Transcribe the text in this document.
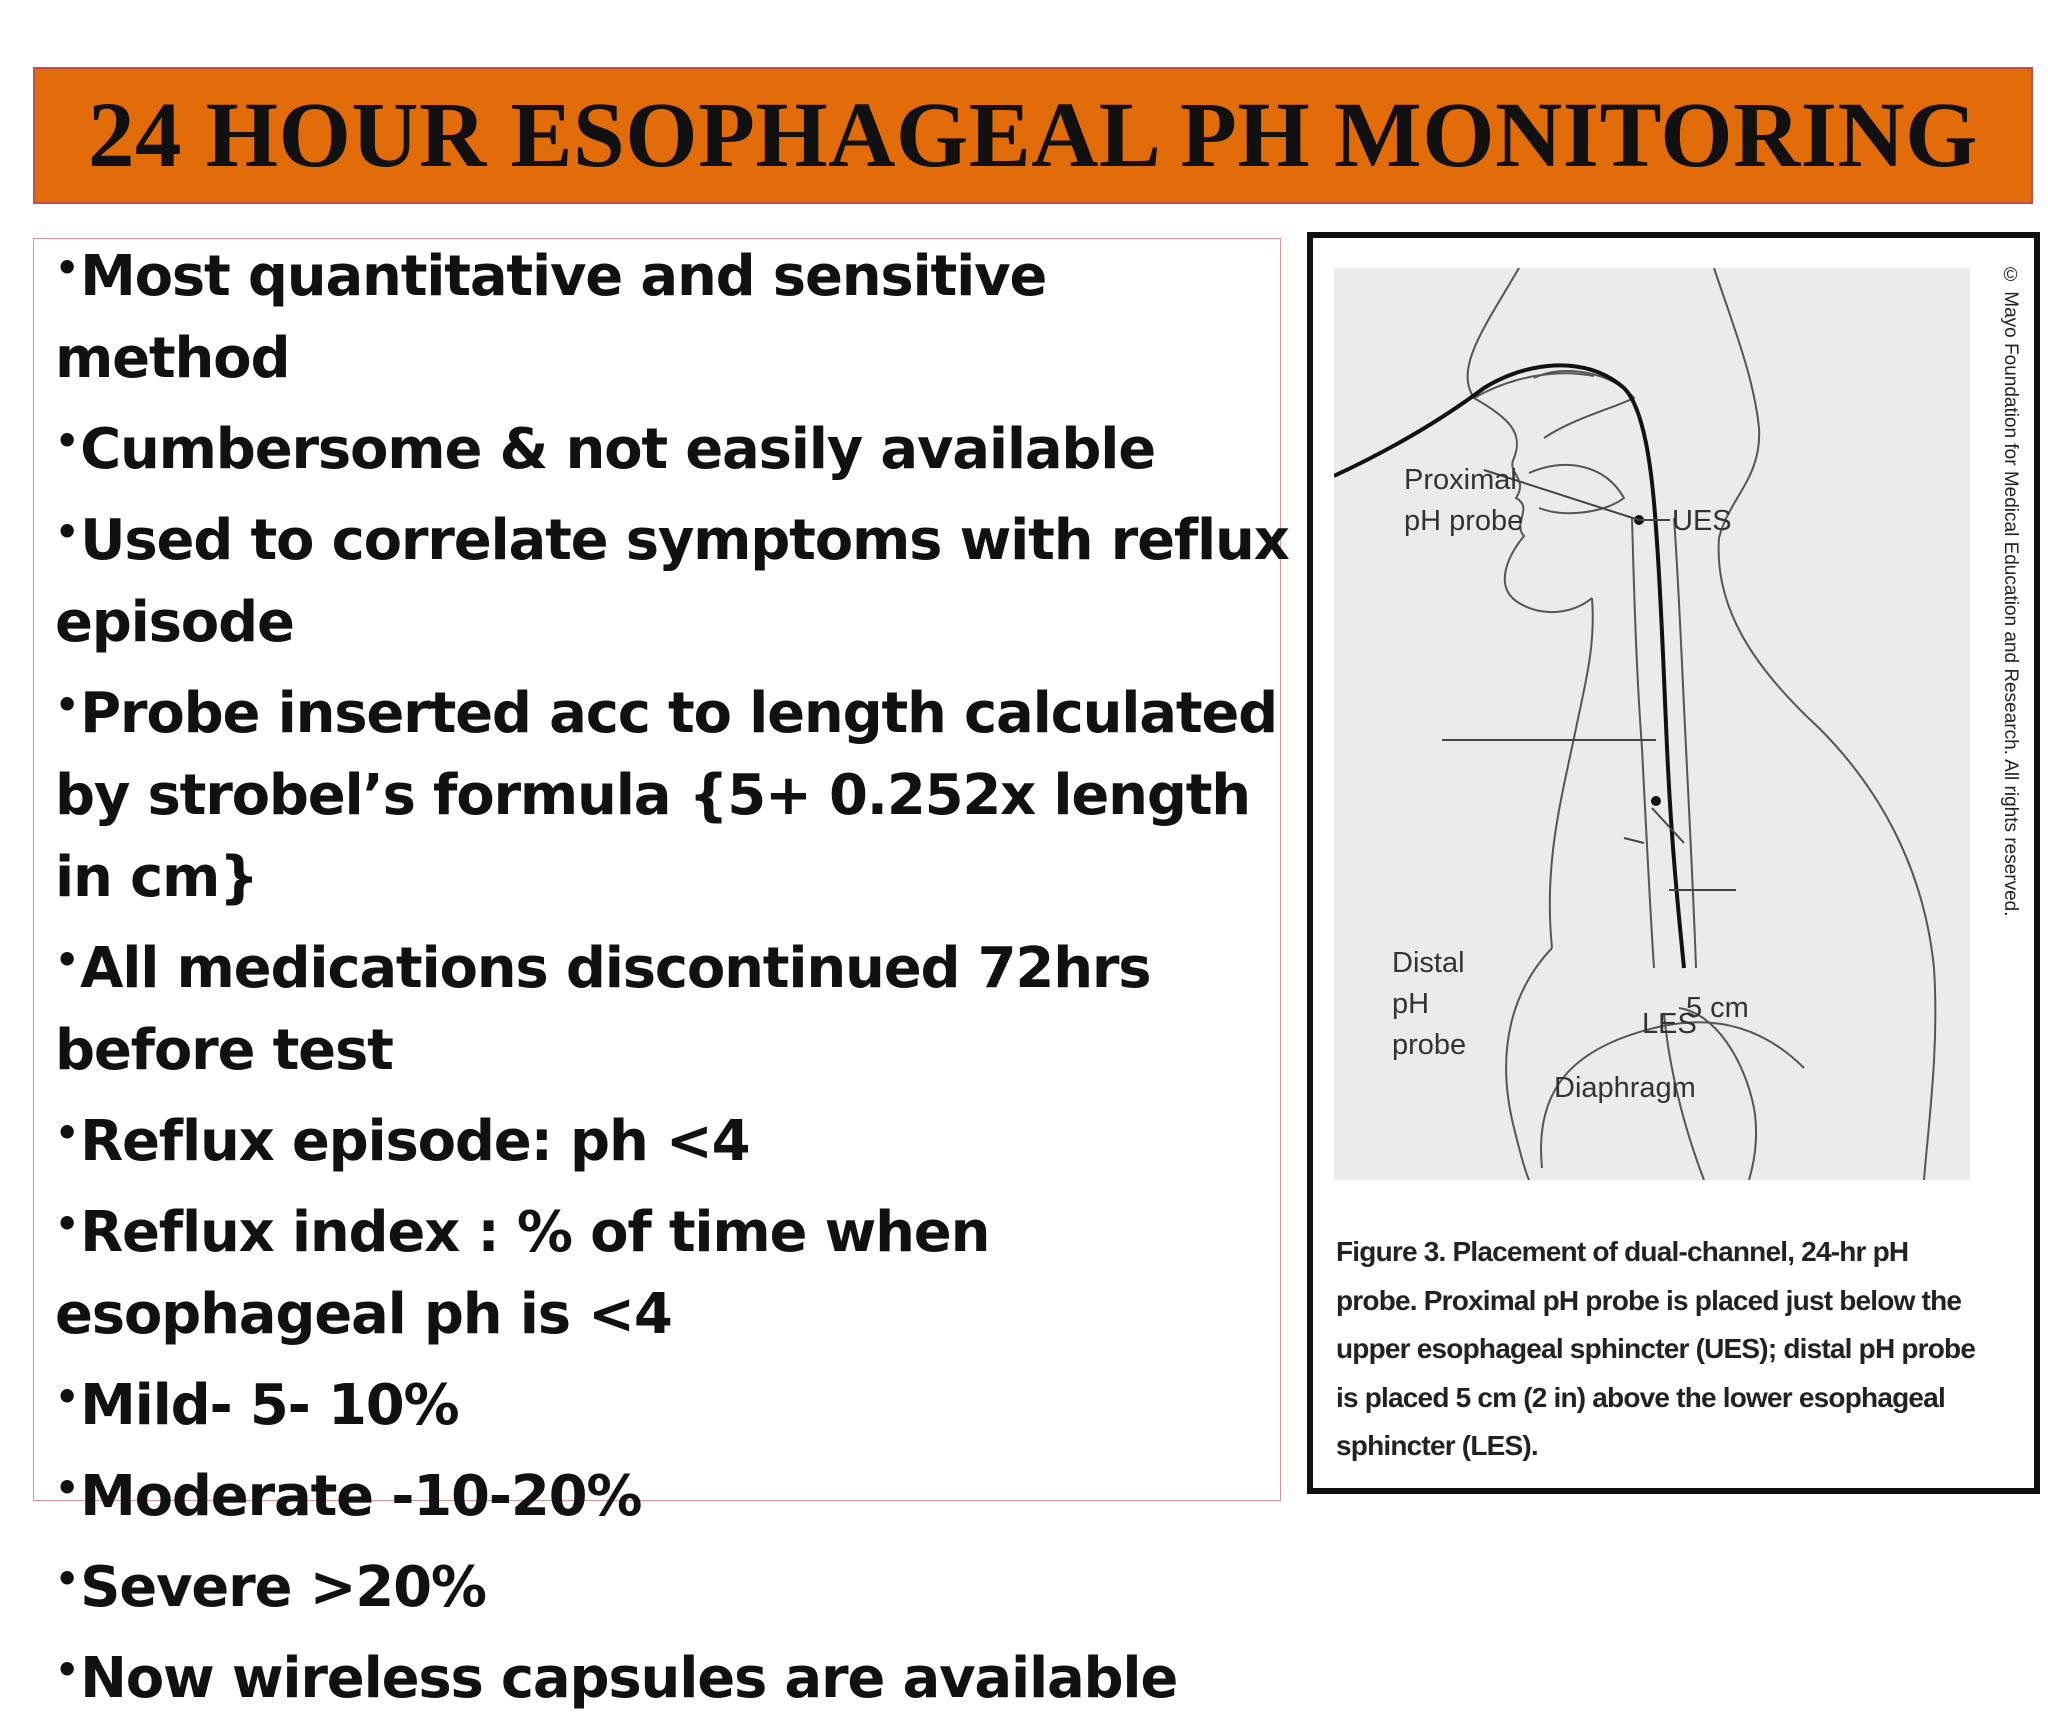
24 HOUR ESOPHAGEAL PH MONITORING
•Most quantitative and sensitive method
•Cumbersome & not easily available
•Used to correlate symptoms with reflux episode
•Probe inserted acc to length calculated by strobel’s formula {5+ 0.252x length in cm}
•All medications discontinued 72hrs before test
•Reflux episode: ph <4
•Reflux index : % of time when esophageal ph is <4
•Mild- 5- 10%
•Moderate -10-20%
•Severe >20%
•Now wireless capsules are available
Proximal
pH probe	UES
Distal
pH
probe
5 cm
LES
Diaphragm
© Mayo Foundation for Medical Education and Research. All rights reserved.

Figure 3. Placement of dual-channel, 24-hr pH probe. Proximal pH probe is placed just below the upper esophageal sphincter (UES); distal pH probe is placed 5 cm (2 in) above the lower esophageal sphincter (LES).
